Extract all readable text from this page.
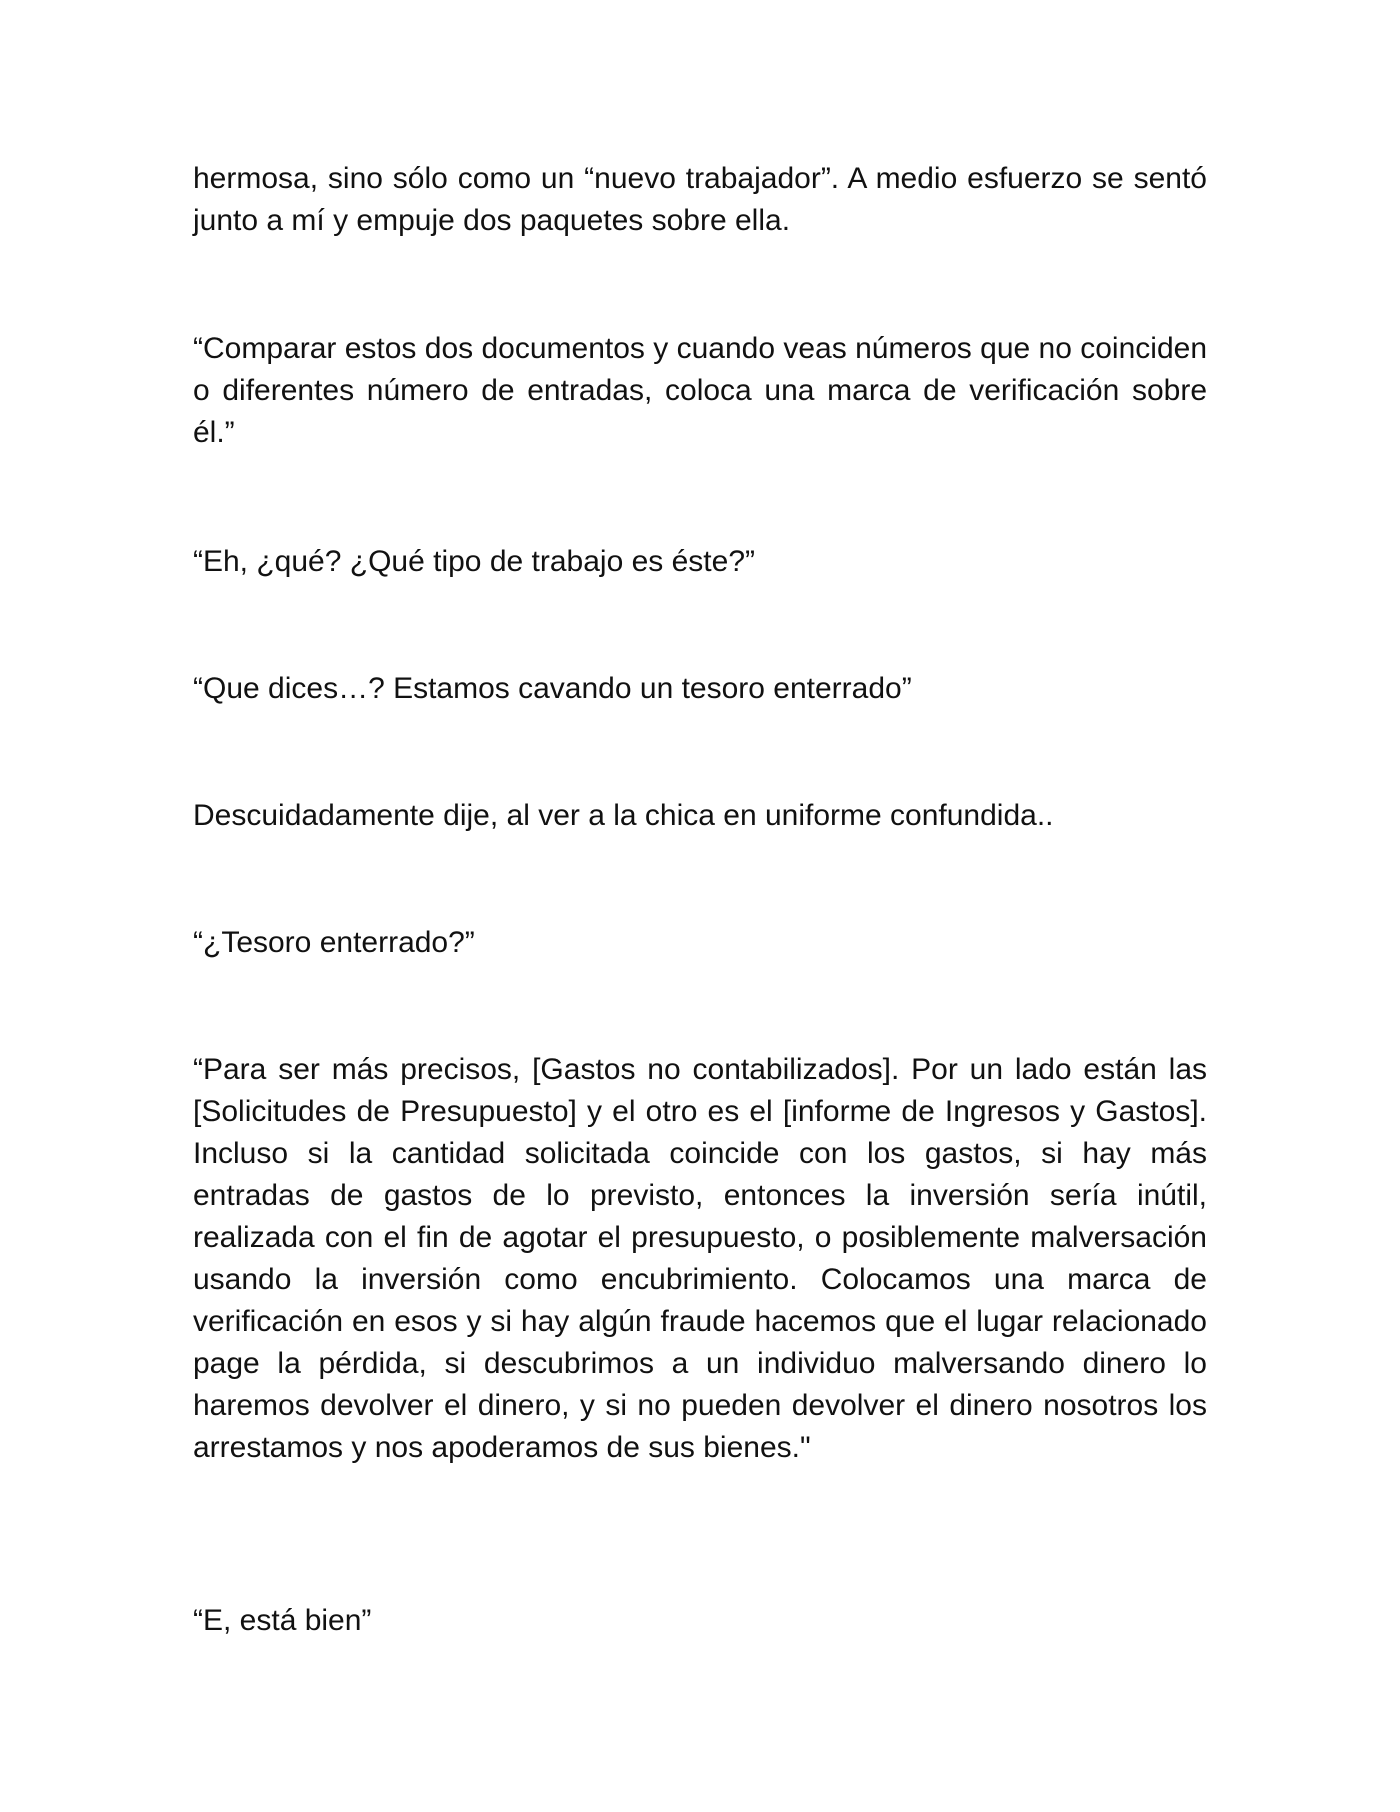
hermosa, sino sólo como un “nuevo trabajador”. A medio esfuerzo se sentó junto a mí y empuje dos paquetes sobre ella.

“Comparar estos dos documentos y cuando veas números que no coinciden o diferentes número de entradas, coloca una marca de verificación sobre él.”

“Eh, ¿qué? ¿Qué tipo de trabajo es éste?”

“Que dices…? Estamos cavando un tesoro enterrado”

Descuidadamente dije, al ver a la chica en uniforme confundida..

“¿Tesoro enterrado?”

“Para ser más precisos, [Gastos no contabilizados]. Por un lado están las [Solicitudes de Presupuesto] y el otro es el [informe de Ingresos y Gastos]. Incluso si la cantidad solicitada coincide con los gastos, si hay más entradas de gastos de lo previsto, entonces la inversión sería inútil, realizada con el fin de agotar el presupuesto, o posiblemente malversación usando la inversión como encubrimiento. Colocamos una marca de verificación en esos y si hay algún fraude hacemos que el lugar relacionado page la pérdida, si descubrimos a un individuo malversando dinero lo haremos devolver el dinero, y si no pueden devolver el dinero nosotros los arrestamos y nos apoderamos de sus bienes."

“E, está bien”
